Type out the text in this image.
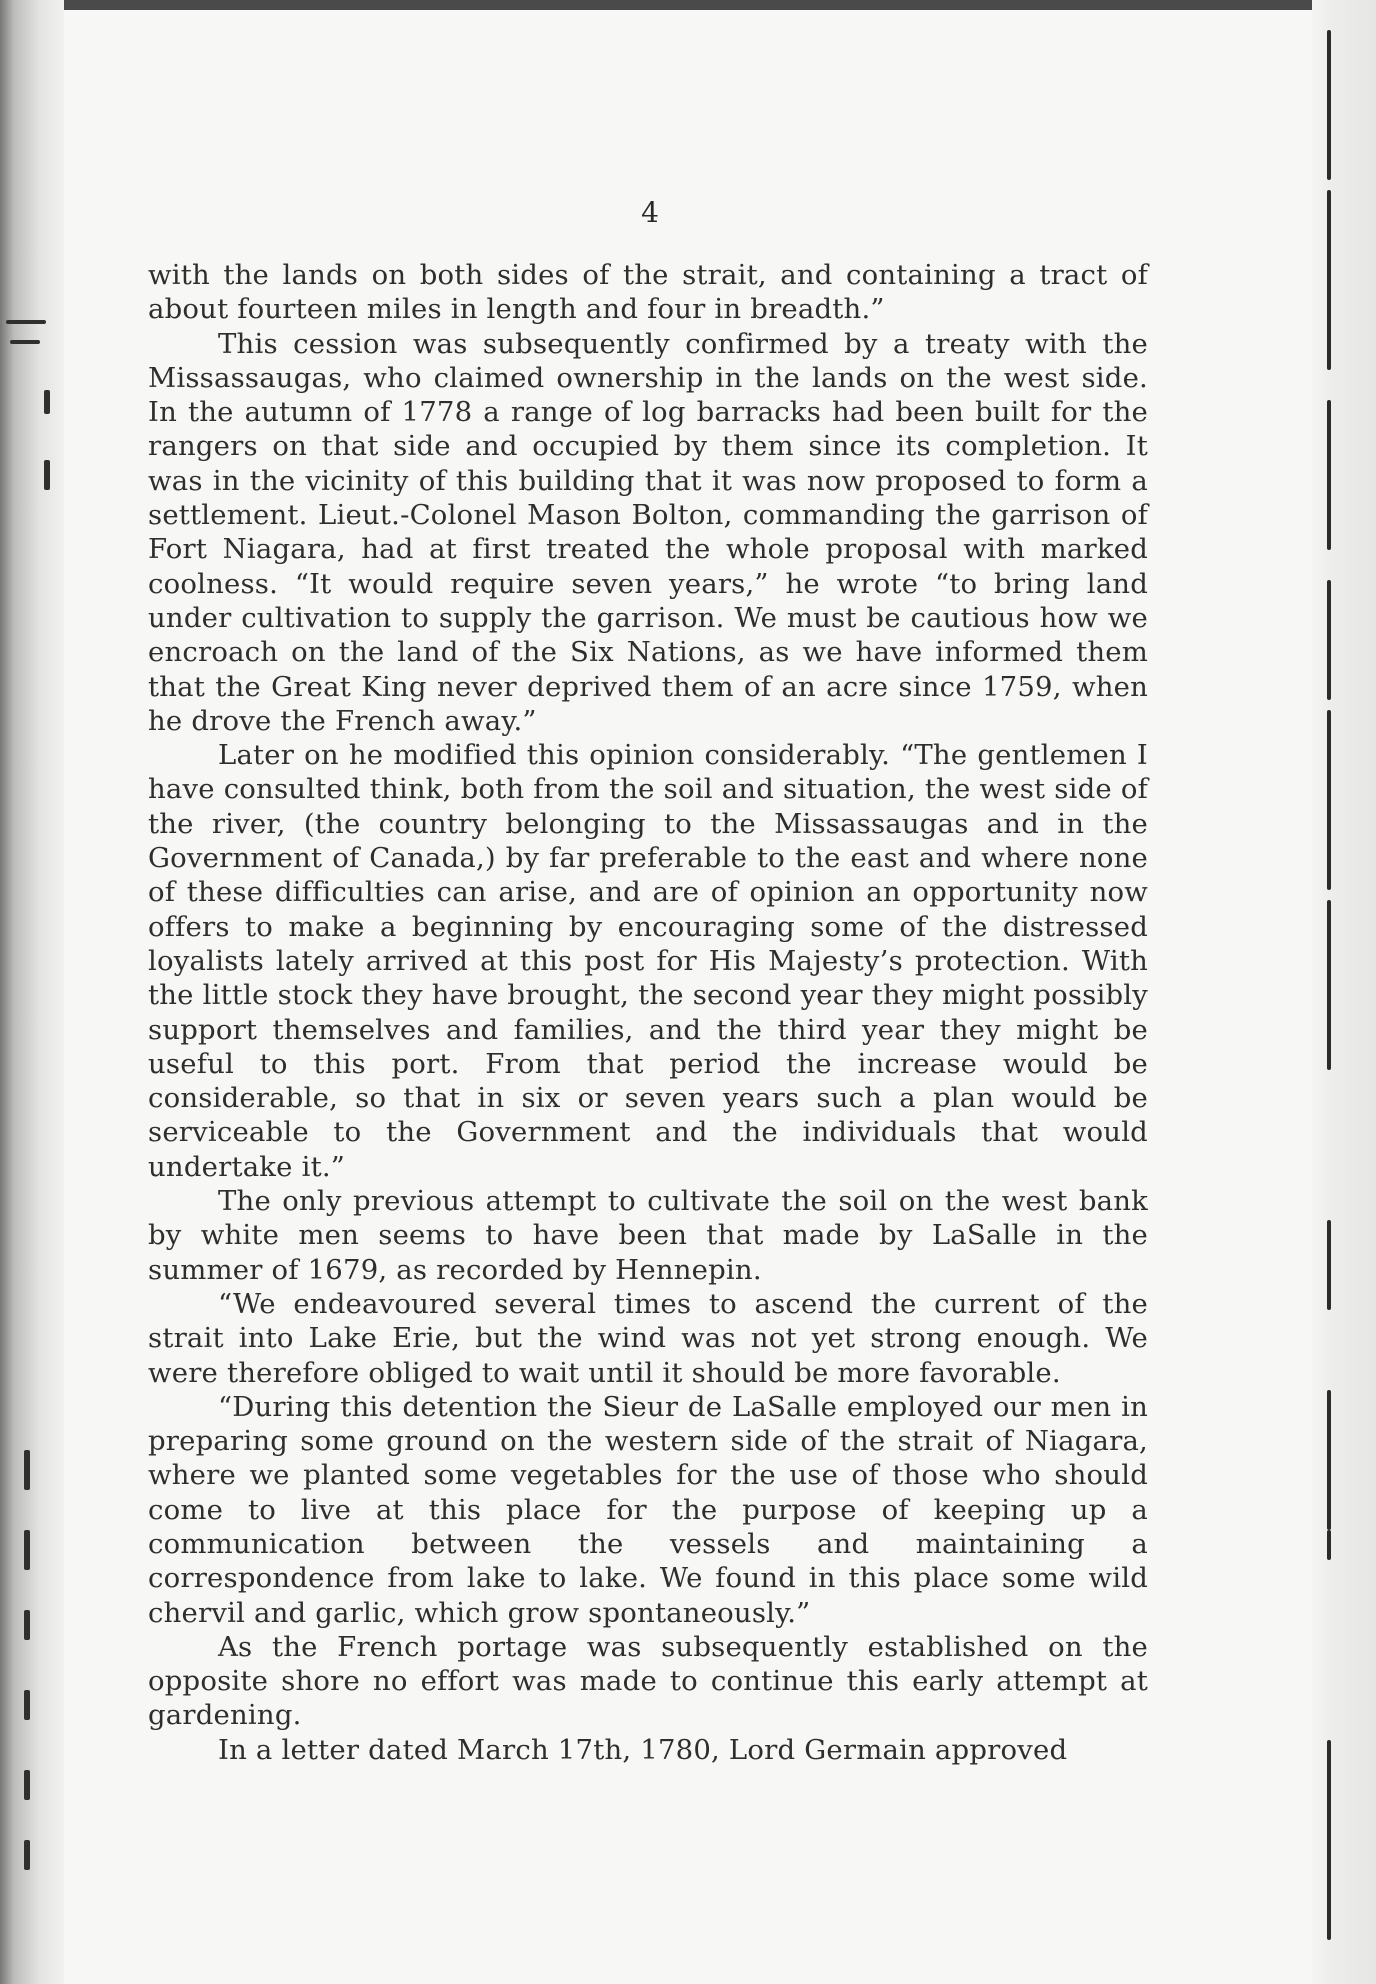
4

with the lands on both sides of the strait, and containing a tract of about fourteen miles in length and four in breadth.”

This cession was subsequently confirmed by a treaty with the Missassaugas, who claimed ownership in the lands on the west side. In the autumn of 1778 a range of log barracks had been built for the rangers on that side and occupied by them since its completion. It was in the vicinity of this building that it was now proposed to form a settlement. Lieut.-Colonel Mason Bolton, commanding the garrison of Fort Niagara, had at first treated the whole proposal with marked coolness. “It would require seven years,” he wrote “to bring land under cultivation to supply the garrison. We must be cautious how we encroach on the land of the Six Nations, as we have informed them that the Great King never deprived them of an acre since 1759, when he drove the French away.”

Later on he modified this opinion considerably. “The gentlemen I have consulted think, both from the soil and situation, the west side of the river, (the country belonging to the Missassaugas and in the Government of Canada,) by far preferable to the east and where none of these difficulties can arise, and are of opinion an opportunity now offers to make a beginning by encouraging some of the distressed loyalists lately arrived at this post for His Majesty’s protection. With the little stock they have brought, the second year they might possibly support themselves and families, and the third year they might be useful to this port. From that period the increase would be considerable, so that in six or seven years such a plan would be serviceable to the Government and the individuals that would undertake it.”

The only previous attempt to cultivate the soil on the west bank by white men seems to have been that made by LaSalle in the summer of 1679, as recorded by Hennepin.

“We endeavoured several times to ascend the current of the strait into Lake Erie, but the wind was not yet strong enough. We were therefore obliged to wait until it should be more favorable.

“During this detention the Sieur de LaSalle employed our men in preparing some ground on the western side of the strait of Niagara, where we planted some vegetables for the use of those who should come to live at this place for the purpose of keeping up a communication between the vessels and maintaining a correspondence from lake to lake. We found in this place some wild chervil and garlic, which grow spontaneously.”

As the French portage was subsequently established on the opposite shore no effort was made to continue this early attempt at gardening.

In a letter dated March 17th, 1780, Lord Germain approved
